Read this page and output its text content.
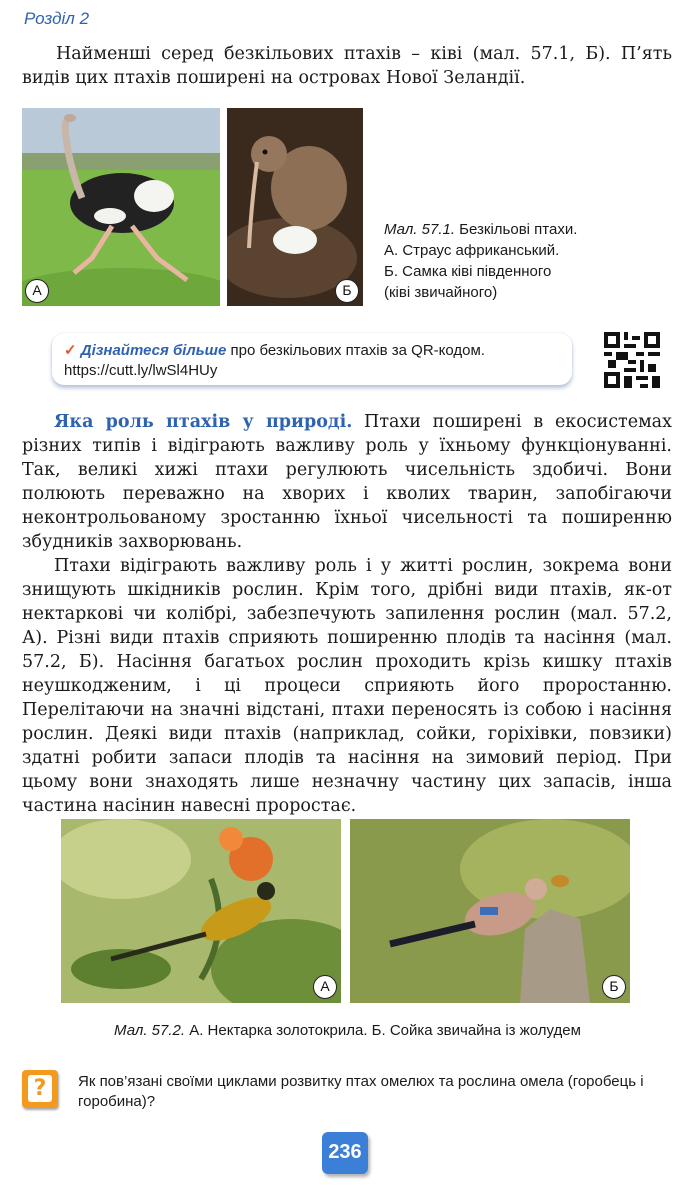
Розділ 2
Найменші серед безкільових птахів – ківі (мал. 57.1, Б). П’ять видів цих птахів поширені на островах Нової Зеландії.
А	Б
Мал. 57.1. Безкільові птахи.
А. Страус африканський.
Б. Самка ківі південного
(ківі звичайного)
✓ Дізнайтеся більше про безкільових птахів за QR-кодом.
https://cutt.ly/lwSl4HUy

Яка роль птахів у природі. Птахи поширені в екосистемах різних типів і відіграють важливу роль у їхньому функціонуванні. Так, великі хижі птахи регулюють чисельність здобичі. Вони полюють переважно на хворих і кволих тварин, запобігаючи неконтрольованому зростанню їхньої чисельності та поширенню збудників захворювань.

Птахи відіграють важливу роль і у житті рослин, зокрема вони знищують шкідників рослин. Крім того, дрібні види птахів, як-от нектаркові чи колібрі, забезпечують запилення рослин (мал. 57.2, А). Різні види птахів сприяють поширенню плодів та насіння (мал. 57.2, Б). Насіння багатьох рослин проходить крізь кишку птахів неушкодженим, і ці процеси сприяють його проростанню. Перелітаючи на значні відстані, птахи переносять із собою і насіння рослин. Деякі види птахів (наприклад, сойки, горіхівки, повзики) здатні робити запаси плодів та насіння на зимовий період. При цьому вони знаходять лише незначну частину цих запасів, інша частина насінин навесні проростає.

А	Б
Мал. 57.2. А. Нектарка золотокрила. Б. Сойка звичайна із жолудем
?	Як пов’язані своїми циклами розвитку птах омелюх та рослина омела (горобець і горобина)?
236
